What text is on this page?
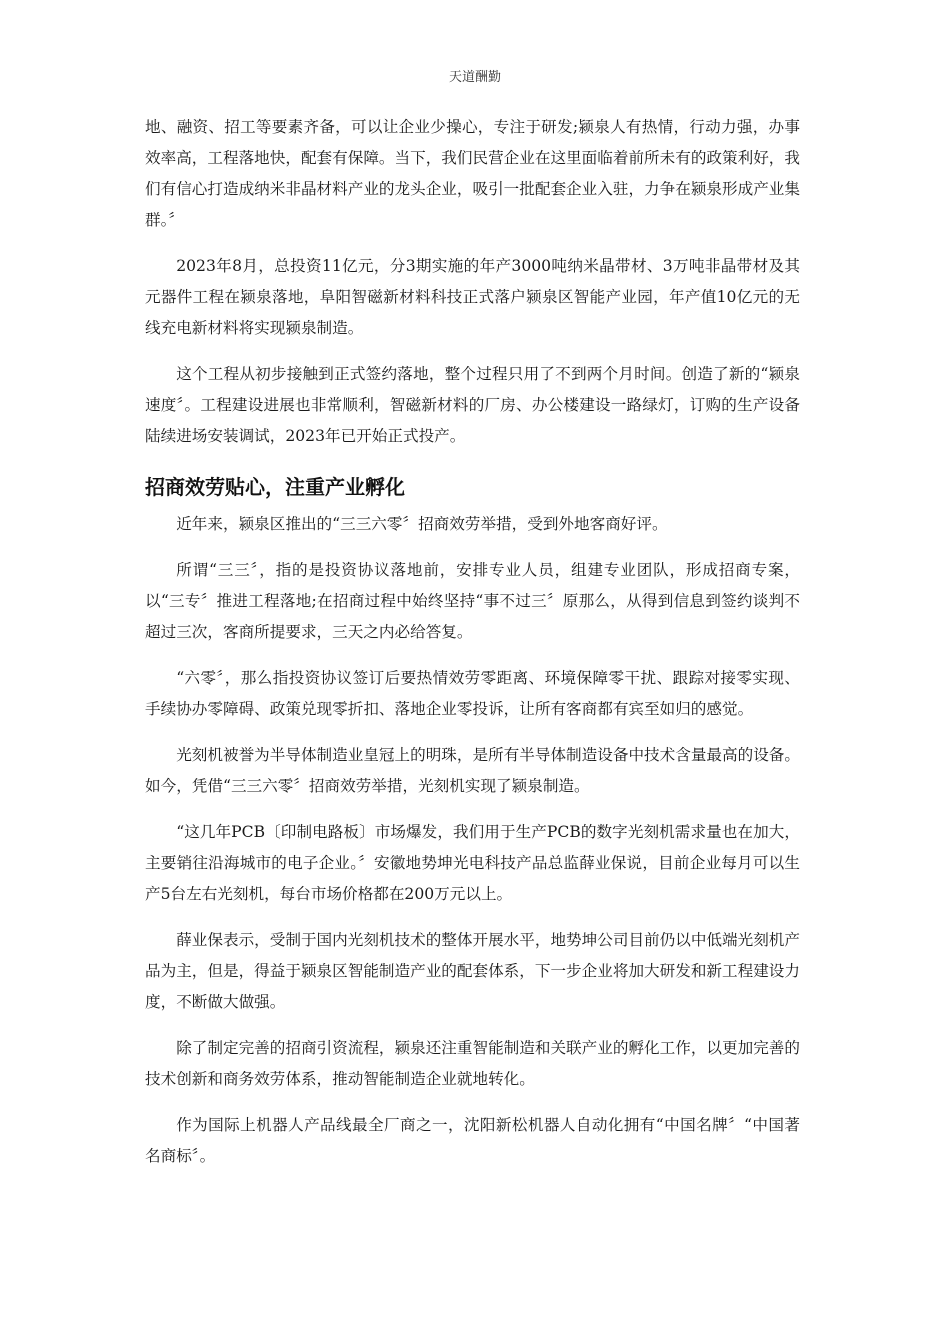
天道酬勤

地、融资、招工等要素齐备，可以让企业少操心，专注于研发;颍泉人有热情，行动力强，办事效率高，工程落地快，配套有保障。当下，我们民营企业在这里面临着前所未有的政策利好，我们有信心打造成纳米非晶材料产业的龙头企业，吸引一批配套企业入驻，力争在颍泉形成产业集群。〞

2023年8月，总投资11亿元，分3期实施的年产3000吨纳米晶带材、3万吨非晶带材及其元器件工程在颍泉落地，阜阳智磁新材料科技正式落户颍泉区智能产业园，年产值10亿元的无线充电新材料将实现颍泉制造。

这个工程从初步接触到正式签约落地，整个过程只用了不到两个月时间。创造了新的“颍泉速度〞。工程建设进展也非常顺利，智磁新材料的厂房、办公楼建设一路绿灯，订购的生产设备陆续进场安装调试，2023年已开始正式投产。

招商效劳贴心，注重产业孵化

近年来，颍泉区推出的“三三六零〞招商效劳举措，受到外地客商好评。

所谓“三三〞，指的是投资协议落地前，安排专业人员，组建专业团队，形成招商专案，以“三专〞推进工程落地;在招商过程中始终坚持“事不过三〞原那么，从得到信息到签约谈判不超过三次，客商所提要求，三天之内必给答复。

“六零〞，那么指投资协议签订后要热情效劳零距离、环境保障零干扰、跟踪对接零实现、手续协办零障碍、政策兑现零折扣、落地企业零投诉，让所有客商都有宾至如归的感觉。

光刻机被誉为半导体制造业皇冠上的明珠，是所有半导体制造设备中技术含量最高的设备。如今，凭借“三三六零〞招商效劳举措，光刻机实现了颍泉制造。

“这几年PCB〔印制电路板〕市场爆发，我们用于生产PCB的数字光刻机需求量也在加大，主要销往沿海城市的电子企业。〞安徽地势坤光电科技产品总监薛业保说，目前企业每月可以生产5台左右光刻机，每台市场价格都在200万元以上。

薛业保表示，受制于国内光刻机技术的整体开展水平，地势坤公司目前仍以中低端光刻机产品为主，但是，得益于颍泉区智能制造产业的配套体系，下一步企业将加大研发和新工程建设力度，不断做大做强。

除了制定完善的招商引资流程，颍泉还注重智能制造和关联产业的孵化工作，以更加完善的技术创新和商务效劳体系，推动智能制造企业就地转化。

作为国际上机器人产品线最全厂商之一，沈阳新松机器人自动化拥有“中国名牌〞“中国著名商标〞。
